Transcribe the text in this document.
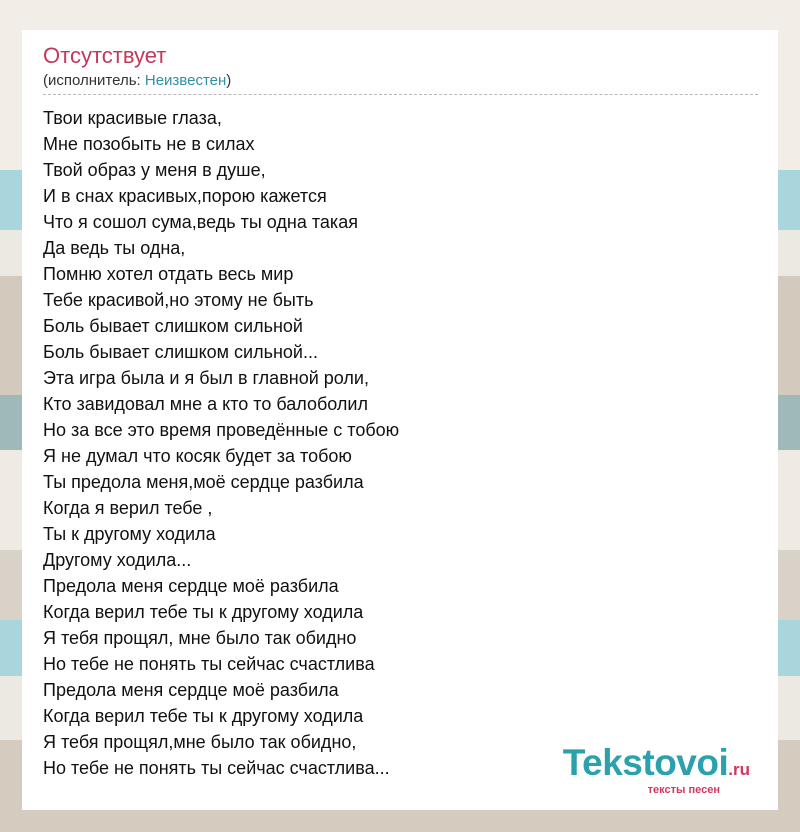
Отсутствует
(исполнитель: Неизвестен)
Твои красивые глаза,
Мне позобыть не в силах
Твой образ у меня в душе,
И в снах красивых,порою кажется
Что я сошол сума,ведь ты одна такая
Да ведь ты одна,
Помню хотел отдать весь мир
Тебе красивой,но этому не быть
Боль бывает слишком сильной
Боль бывает слишком сильной...
Эта игра была и я был в главной роли,
Кто завидовал мне а кто то балоболил
Но за все это время проведённые с тобою
Я не думал что косяк будет за тобою
Ты предола меня,моё сердце разбила
Когда я верил тебе ,
Ты к другому ходила
Другому ходила...
Предола меня сердце моё разбила
Когда верил тебе ты к другому ходила
Я тебя прощял, мне было так обидно
Но тебе не понять ты сейчас счастлива
Предола меня сердце моё разбила
Когда верил тебе ты к другому ходила
Я тебя прощял,мне было так обидно,
Но тебе не понять ты сейчас счастлива...	Tekstovoi.ru
тексты песен
